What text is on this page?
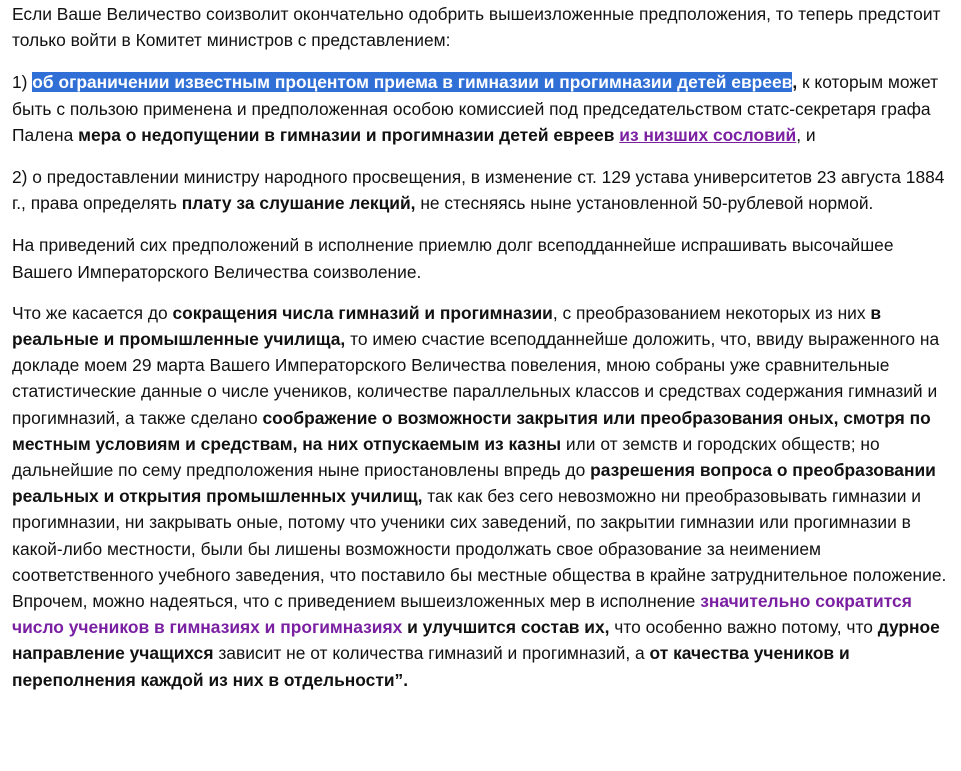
Если Ваше Величество соизволит окончательно одобрить вышеизложенные предположения, то теперь предстоит только войти в Комитет министров с представлением:

1) об ограничении известным процентом приема в гимназии и прогимназии детей евреев, к которым может быть с пользою применена и предположенная особою комиссией под председательством статс-секретаря графа Палена мера о недопущении в гимназии и прогимназии детей евреев из низших сословий, и

2) о предоставлении министру народного просвещения, в изменение ст. 129 устава университетов 23 августа 1884 г., права определять плату за слушание лекций, не стесняясь ныне установленной 50-рублевой нормой.

На приведений сих предположений в исполнение приемлю долг всеподданнейше испрашивать высочайшее Вашего Императорского Величества соизволение.

Что же касается до сокращения числа гимназий и прогимназии, с преобразованием некоторых из них в реальные и промышленные училища, то имею счастие всеподданнейше доложить, что, ввиду выраженного на докладе моем 29 марта Вашего Императорского Величества повеления, мною собраны уже сравнительные статистические данные о числе учеников, количестве параллельных классов и средствах содержания гимназий и прогимназий, а также сделано соображение о возможности закрытия или преобразования оных, смотря по местным условиям и средствам, на них отпускаемым из казны или от земств и городских обществ; но дальнейшие по сему предположения ныне приостановлены впредь до разрешения вопроса о преобразовании реальных и открытия промышленных училищ, так как без сего невозможно ни преобразовывать гимназии и прогимназии, ни закрывать оные, потому что ученики сих заведений, по закрытии гимназии или прогимназии в какой-либо местности, были бы лишены возможности продолжать свое образование за неимением соответственного учебного заведения, что поставило бы местные общества в крайне затруднительное положение. Впрочем, можно надеяться, что с приведением вышеизложенных мер в исполнение значительно сократится число учеников в гимназиях и прогимназиях и улучшится состав их, что особенно важно потому, что дурное направление учащихся зависит не от количества гимназий и прогимназий, а от качества учеников и переполнения каждой из них в отдельности”.
